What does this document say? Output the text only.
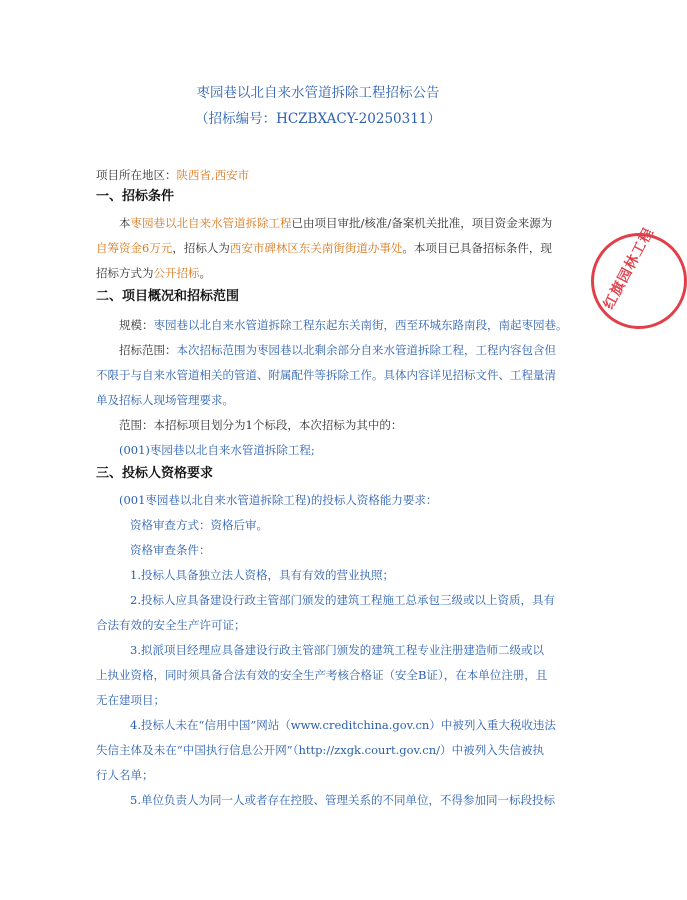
枣园巷以北自来水管道拆除工程招标公告
（招标编号：HCZBXACY-20250311）
项目所在地区：陕西省,西安市
一、招标条件
本枣园巷以北自来水管道拆除工程已由项目审批/核准/备案机关批准，项目资金来源为
自筹资金6万元，招标人为西安市碑林区东关南街街道办事处。本项目已具备招标条件，现
招标方式为公开招标。
二、项目概况和招标范围
规模：枣园巷以北自来水管道拆除工程东起东关南街，西至环城东路南段，南起枣园巷。
招标范围：本次招标范围为枣园巷以北剩余部分自来水管道拆除工程，工程内容包含但
不限于与自来水管道相关的管道、附属配件等拆除工作。具体内容详见招标文件、工程量清
单及招标人现场管理要求。
范围：本招标项目划分为1个标段，本次招标为其中的：
(001)枣园巷以北自来水管道拆除工程;
三、投标人资格要求
(001枣园巷以北自来水管道拆除工程)的投标人资格能力要求：
资格审查方式：资格后审。
资格审查条件：
1.投标人具备独立法人资格，具有有效的营业执照；
2.投标人应具备建设行政主管部门颁发的建筑工程施工总承包三级或以上资质，具有
合法有效的安全生产许可证；
3.拟派项目经理应具备建设行政主管部门颁发的建筑工程专业注册建造师二级或以
上执业资格，同时须具备合法有效的安全生产考核合格证（安全B证），在本单位注册，且
无在建项目；
4.投标人未在“信用中国”网站（www.creditchina.gov.cn）中被列入重大税收违法
失信主体及未在“中国执行信息公开网”（http://zxgk.court.gov.cn/）中被列入失信被执
行人名单；
5.单位负责人为同一人或者存在控股、管理关系的不同单位，不得参加同一标段投标
红旗园林工程
